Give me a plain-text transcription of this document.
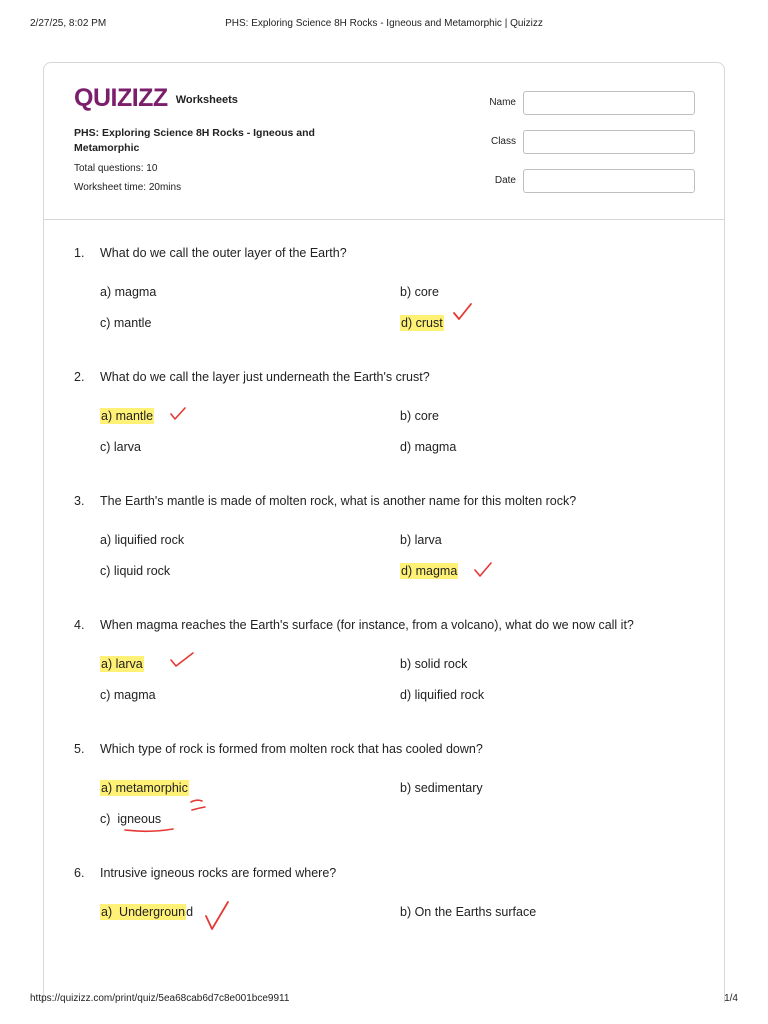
2/27/25, 8:02 PM	PHS: Exploring Science 8H Rocks - Igneous and Metamorphic | Quizizz
QUIZIZZ Worksheets
PHS: Exploring Science 8H Rocks - Igneous and Metamorphic
Total questions: 10
Worksheet time: 20mins
Name
Class
Date
1. What do we call the outer layer of the Earth?
a) magma	b) core
c) mantle	d) crust
2. What do we call the layer just underneath the Earth's crust?
a) mantle	b) core
c) larva	d) magma
3. The Earth's mantle is made of molten rock, what is another name for this molten rock?
a) liquified rock	b) larva
c) liquid rock	d) magma
4. When magma reaches the Earth's surface (for instance, from a volcano), what do we now call it?
a) larva	b) solid rock
c) magma	d) liquified rock
5. Which type of rock is formed from molten rock that has cooled down?
a) metamorphic	b) sedimentary
c)  igneous
6. Intrusive igneous rocks are formed where?
a)  Underground	b) On the Earths surface
https://quizizz.com/print/quiz/5ea68cab6d7c8e001bce9911	1/4
